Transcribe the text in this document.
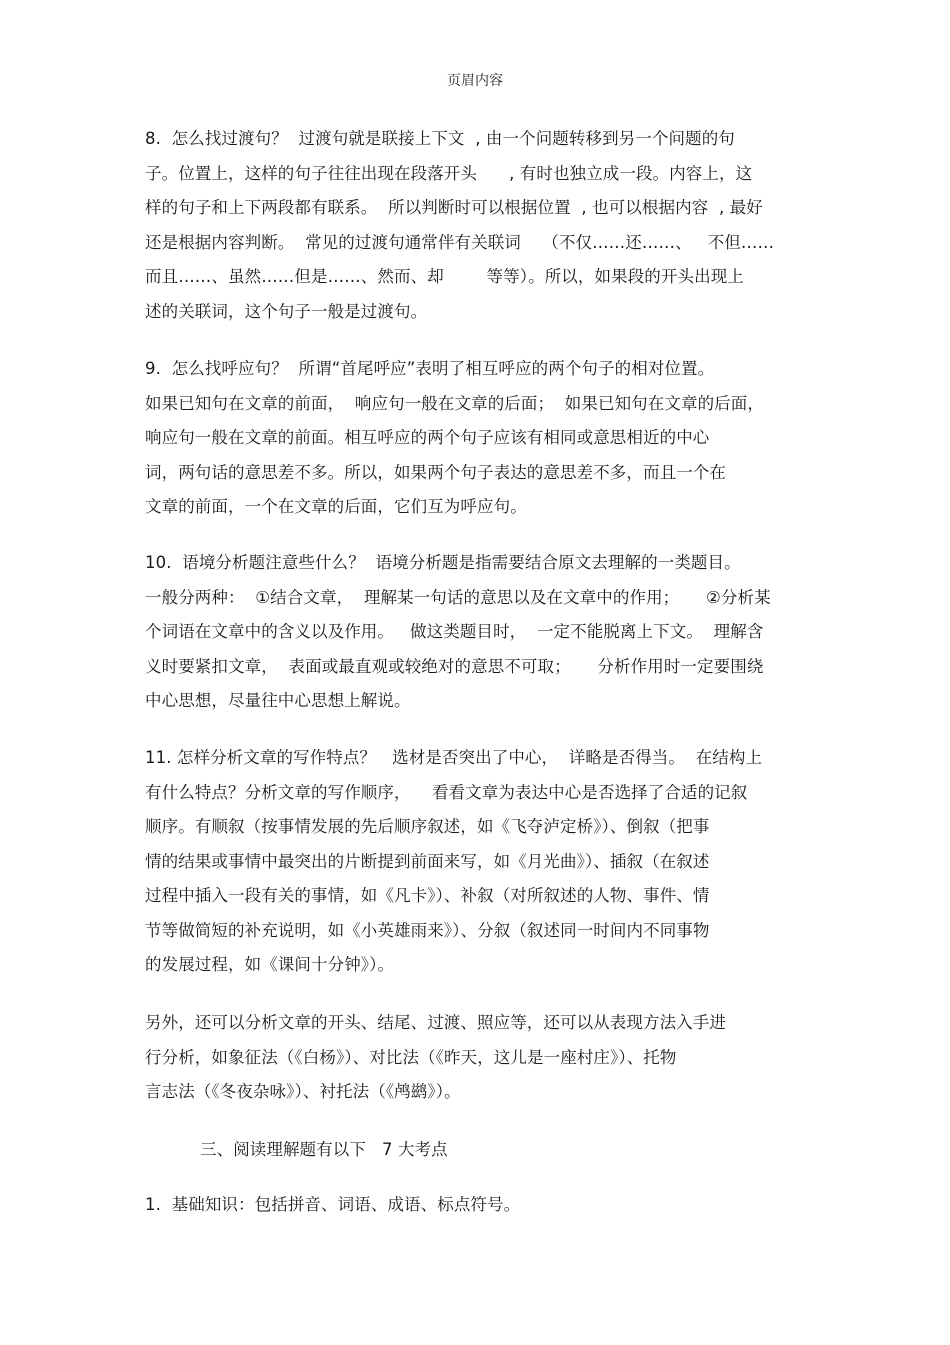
页眉内容
8.  怎么找过渡句？  过渡句就是联接上下文  , 由一个问题转移到另一个问题的句
子。位置上，这样的句子往往出现在段落开头      , 有时也独立成一段。内容上，这
样的句子和上下两段都有联系。  所以判断时可以根据位置  , 也可以根据内容  , 最好
还是根据内容判断。  常见的过渡句通常伴有关联词    （不仅……还……、   不但……
而且……、虽然……但是……、然而、却        等等）。所以，如果段的开头出现上
述的关联词，这个句子一般是过渡句。
9.  怎么找呼应句？  所谓“首尾呼应”表明了相互呼应的两个句子的相对位置。
如果已知句在文章的前面，  响应句一般在文章的后面；  如果已知句在文章的后面，
响应句一般在文章的前面。相互呼应的两个句子应该有相同或意思相近的中心
词，两句话的意思差不多。所以，如果两个句子表达的意思差不多，而且一个在
文章的前面，一个在文章的后面，它们互为呼应句。
10.  语境分析题注意些什么？  语境分析题是指需要结合原文去理解的一类题目。
一般分两种：  ①结合文章，  理解某一句话的意思以及在文章中的作用；     ②分析某
个词语在文章中的含义以及作用。   做这类题目时，  一定不能脱离上下文。  理解含
义时要紧扣文章，  表面或最直观或较绝对的意思不可取；     分析作用时一定要围绕
中心思想，尽量往中心思想上解说。
11. 怎样分析文章的写作特点？   选材是否突出了中心，  详略是否得当。  在结构上
有什么特点？分析文章的写作顺序，    看看文章为表达中心是否选择了合适的记叙
顺序。有顺叙（按事情发展的先后顺序叙述，如《飞夺泸定桥》）、倒叙（把事
情的结果或事情中最突出的片断提到前面来写，如《月光曲》）、插叙（在叙述
过程中插入一段有关的事情，如《凡卡》）、补叙（对所叙述的人物、事件、情
节等做简短的补充说明，如《小英雄雨来》）、分叙（叙述同一时间内不同事物
的发展过程，如《课间十分钟》）。
另外，还可以分析文章的开头、结尾、过渡、照应等，还可以从表现方法入手进
行分析，如象征法（《白杨》）、对比法（《昨天，这儿是一座村庄》）、托物
言志法（《冬夜杂咏》）、衬托法（《鸬鹚》）。
三、阅读理解题有以下   7 大考点
1.  基础知识：包括拼音、词语、成语、标点符号。
